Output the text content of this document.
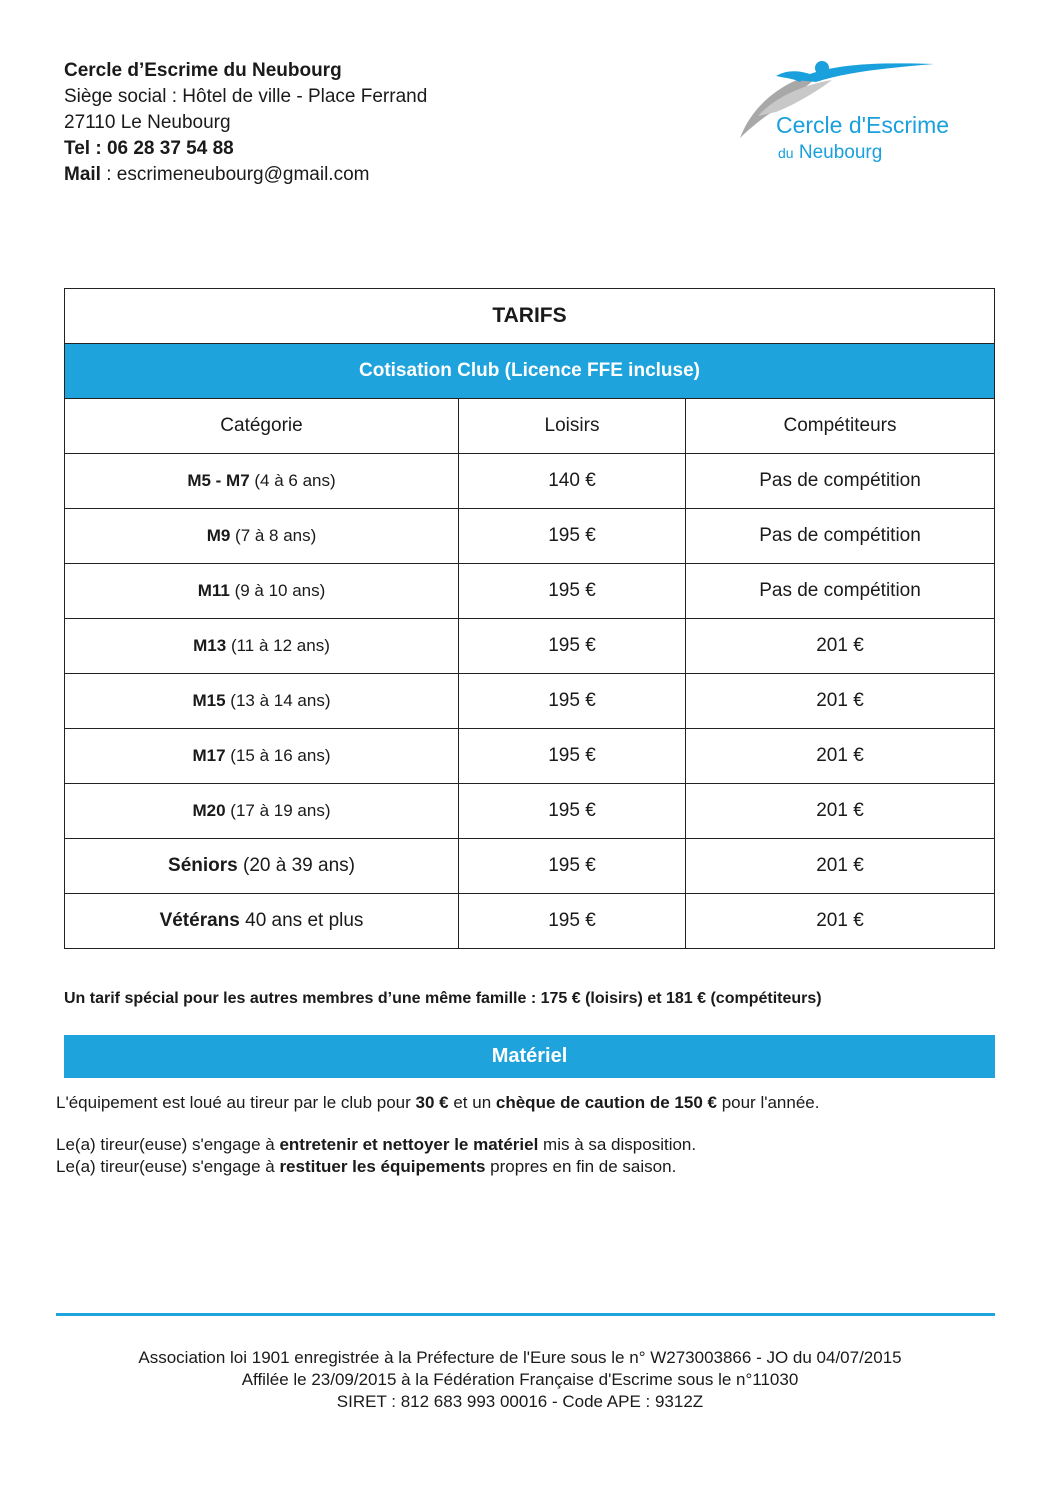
Cercle d’Escrime du Neubourg
Siège social : Hôtel de ville - Place Ferrand
27110 Le Neubourg
Tel : 06 28 37 54 88
Mail : escrimeneubourg@gmail.com
Cercle d'Escrime
du Neubourg
TARIFS		
Cotisation Club (Licence FFE incluse)		
Catégorie	Loisirs	Compétiteurs
M5 - M7 (4 à 6 ans)	140 €	Pas de compétition
M9 (7 à 8 ans)	195 €	Pas de compétition
M11 (9 à 10 ans)	195 €	Pas de compétition
M13 (11 à 12 ans)	195 €	201 €
M15 (13 à 14 ans)	195 €	201 €
M17 (15 à 16 ans)	195 €	201 €
M20 (17 à 19 ans)	195 €	201 €
Séniors (20 à 39 ans)	195 €	201 €
Vétérans 40 ans et plus	195 €	201 €
Un tarif spécial pour les autres membres d’une même famille : 175 € (loisirs) et 181 € (compétiteurs)
Matériel

L'équipement est loué au tireur par le club pour 30 € et un chèque de caution de 150 € pour l'année.

Le(a) tireur(euse) s'engage à entretenir et nettoyer le matériel mis à sa disposition.

Le(a) tireur(euse) s'engage à restituer les équipements propres en fin de saison.

Association loi 1901 enregistrée à la Préfecture de l'Eure sous le n° W273003866 - JO du 04/07/2015

Affilée le 23/09/2015 à la Fédération Française d'Escrime sous le n°11030

SIRET : 812 683 993 00016 - Code APE : 9312Z
